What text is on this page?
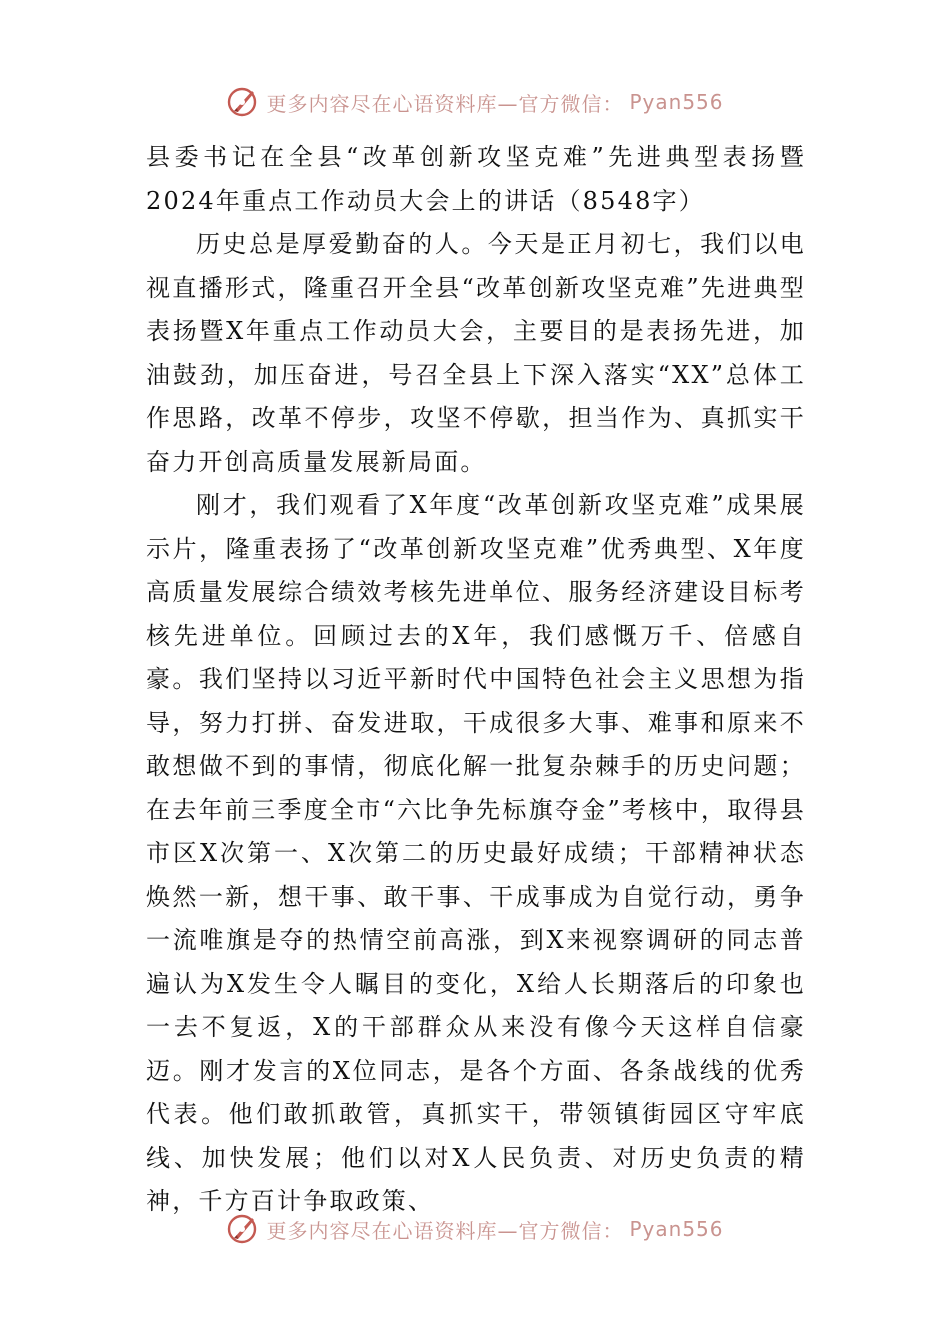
更多内容尽在心语资料库—官方微信： Pyan556
县委书记在全县“改革创新攻坚克难”先进典型表扬暨2024年重点工作动员大会上的讲话（8548字）

历史总是厚爱勤奋的人。今天是正月初七，我们以电视直播形式，隆重召开全县“改革创新攻坚克难”先进典型表扬暨X年重点工作动员大会，主要目的是表扬先进，加油鼓劲，加压奋进，号召全县上下深入落实“XX”总体工作思路，改革不停步，攻坚不停歇，担当作为、真抓实干奋力开创高质量发展新局面。

刚才，我们观看了X年度“改革创新攻坚克难”成果展示片，隆重表扬了“改革创新攻坚克难”优秀典型、X年度高质量发展综合绩效考核先进单位、服务经济建设目标考核先进单位。回顾过去的X年，我们感慨万千、倍感自豪。我们坚持以习近平新时代中国特色社会主义思想为指导，努力打拼、奋发进取，干成很多大事、难事和原来不敢想做不到的事情，彻底化解一批复杂棘手的历史问题；在去年前三季度全市“六比争先标旗夺金”考核中，取得县市区X次第一、X次第二的历史最好成绩；干部精神状态焕然一新，想干事、敢干事、干成事成为自觉行动，勇争一流唯旗是夺的热情空前高涨，到X来视察调研的同志普遍认为X发生令人瞩目的变化，X给人长期落后的印象也一去不复返，X的干部群众从来没有像今天这样自信豪迈。刚才发言的X位同志，是各个方面、各条战线的优秀代表。他们敢抓敢管，真抓实干，带领镇街园区守牢底线、加快发展；他们以对X人民负责、对历史负责的精神，千方百计争取政策、

更多内容尽在心语资料库—官方微信： Pyan556
